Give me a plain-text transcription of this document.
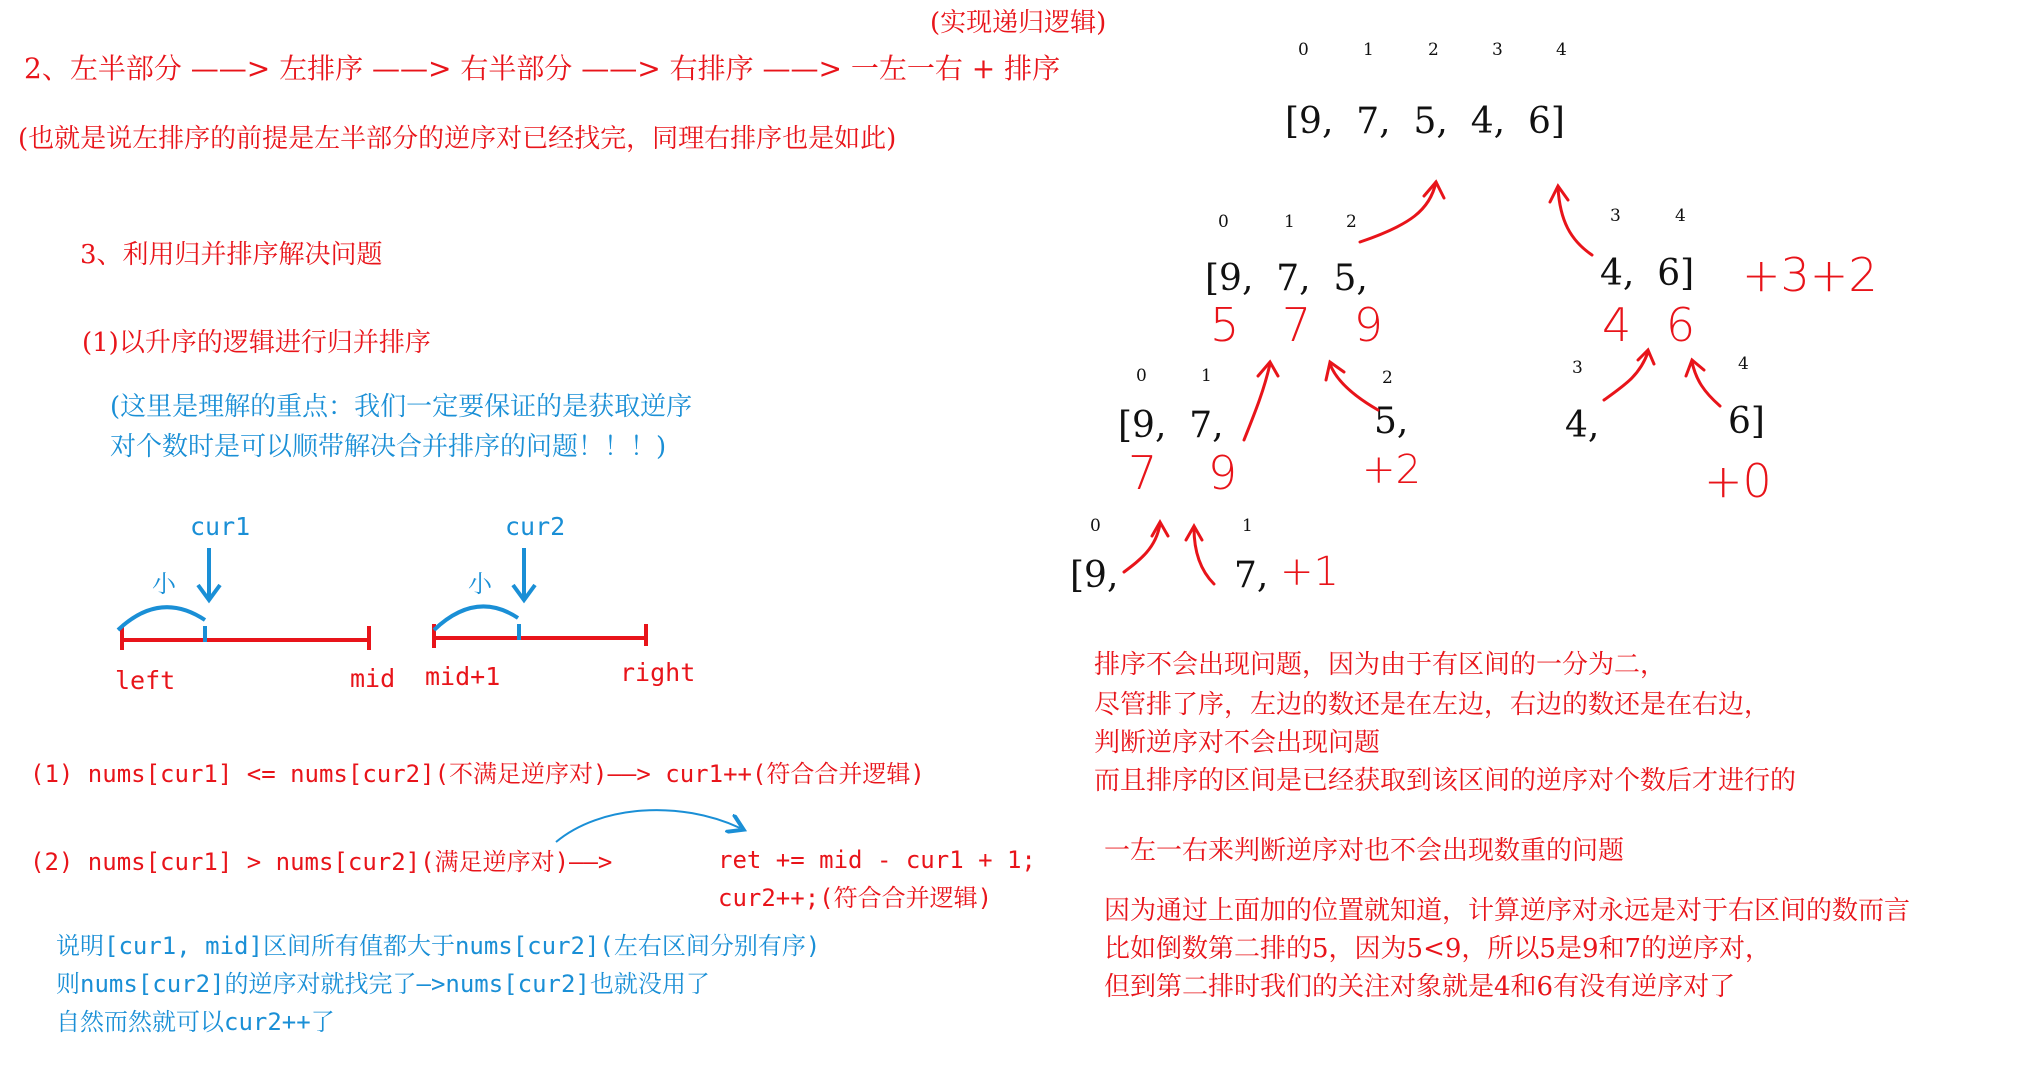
(实现递归逻辑)
2、左半部分 ——> 左排序 ——> 右半部分 ——> 右排序 ——> 一左一右 + 排序
(也就是说左排序的前提是左半部分的逆序对已经找完，同理右排序也是如此)
3、利用归并排序解决问题
(1)以升序的逻辑进行归并排序
(这里是理解的重点：我们一定要保证的是获取逆序
对个数时是可以顺带解决合并排序的问题！！！)
cur1	cur2
小	小
left	mid mid+1	right
(1) nums[cur1] <= nums[cur2](不满足逆序对)——> cur1++(符合合并逻辑)
(2) nums[cur1] > nums[cur2](满足逆序对)——>	ret += mid - cur1 + 1;
cur2++;(符合合并逻辑)
说明[cur1, mid]区间所有值都大于nums[cur2](左右区间分别有序)
则nums[cur2]的逆序对就找完了—>nums[cur2]也就没用了
自然而然就可以cur2++了
0	1	2	3	4
[9,  7,  5,  4,  6]
0	1	2
[9,  7,  5,
5 7 9
3	4
4,  6]
4 6
+3+2
0	1
[9,  7,
7 9
2
5,
+2
3
4,
4
6]
+0
0
[9,
1
7, +1
排序不会出现问题，因为由于有区间的一分为二，
尽管排了序，左边的数还是在左边，右边的数还是在右边，
判断逆序对不会出现问题
而且排序的区间是已经获取到该区间的逆序对个数后才进行的
一左一右来判断逆序对也不会出现数重的问题
因为通过上面加的位置就知道，计算逆序对永远是对于右区间的数而言
比如倒数第二排的5，因为5<9，所以5是9和7的逆序对，
但到第二排时我们的关注对象就是4和6有没有逆序对了
